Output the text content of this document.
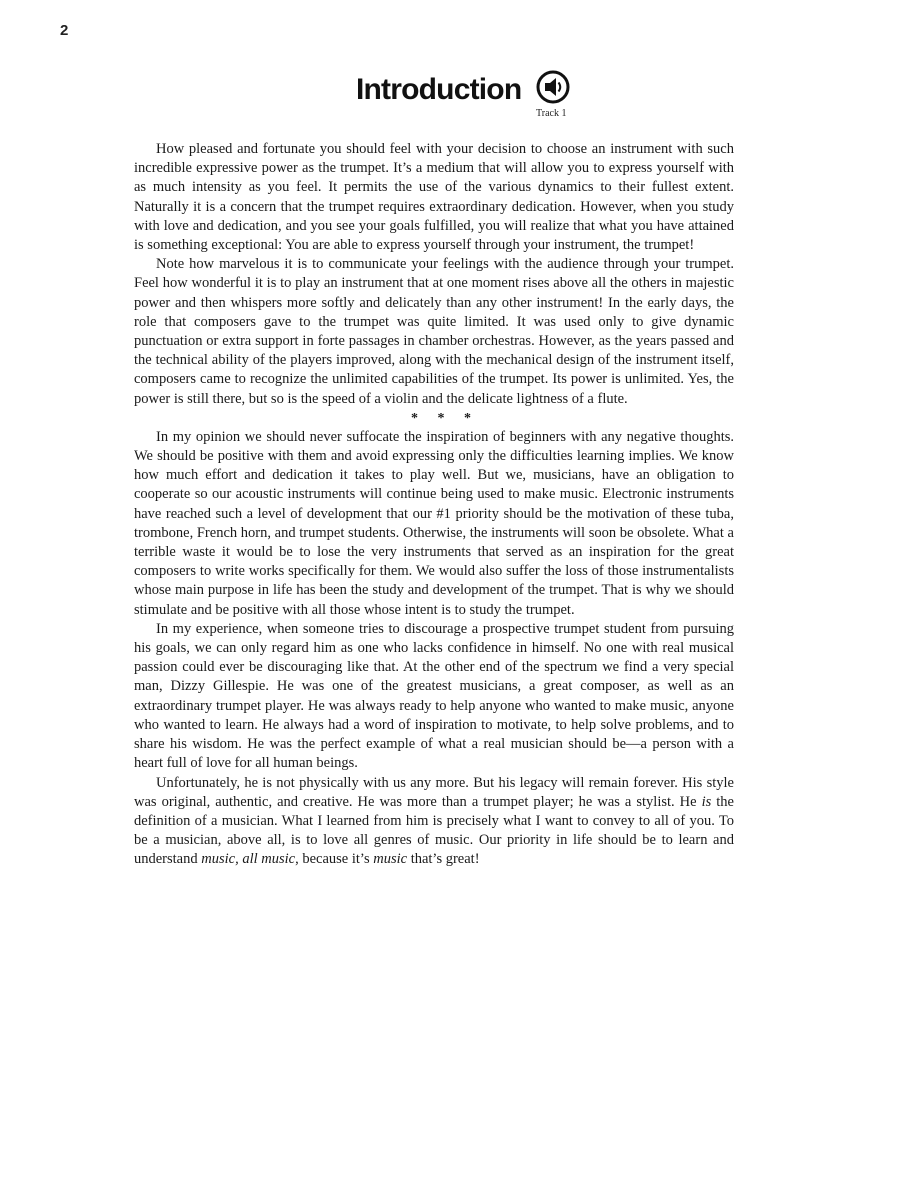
2
Introduction
Track 1

How pleased and fortunate you should feel with your decision to choose an instrument with such incredible expressive power as the trumpet. It’s a medium that will allow you to express yourself with as much intensity as you feel. It permits the use of the various dynamics to their fullest extent. Naturally it is a concern that the trumpet requires extraordinary dedication. However, when you study with love and dedication, and you see your goals fulfilled, you will realize that what you have attained is something exceptional: You are able to express yourself through your instrument, the trumpet!

Note how marvelous it is to communicate your feelings with the audience through your trumpet. Feel how wonderful it is to play an instrument that at one moment rises above all the others in majestic power and then whispers more softly and delicately than any other instrument! In the early days, the role that composers gave to the trumpet was quite limited. It was used only to give dynamic punctuation or extra support in forte passages in chamber orchestras. However, as the years passed and the technical ability of the players improved, along with the mechanical design of the instrument itself, composers came to recognize the unlimited capabilities of the trumpet. Its power is unlimited. Yes, the power is still there, but so is the speed of a violin and the delicate lightness of a flute.

* * *

In my opinion we should never suffocate the inspiration of beginners with any negative thoughts. We should be positive with them and avoid expressing only the difficulties learning implies. We know how much effort and dedication it takes to play well. But we, musicians, have an obligation to cooperate so our acoustic instruments will continue being used to make music. Electronic instruments have reached such a level of development that our #1 priority should be the motivation of these tuba, trombone, French horn, and trumpet students. Otherwise, the instruments will soon be obsolete. What a terrible waste it would be to lose the very instruments that served as an inspiration for the great composers to write works specifically for them. We would also suffer the loss of those instrumentalists whose main purpose in life has been the study and development of the trumpet. That is why we should stimulate and be positive with all those whose intent is to study the trumpet.

In my experience, when someone tries to discourage a prospective trumpet student from pursuing his goals, we can only regard him as one who lacks confidence in himself. No one with real musical passion could ever be discouraging like that. At the other end of the spectrum we find a very special man, Dizzy Gillespie. He was one of the greatest musicians, a great composer, as well as an extraordinary trumpet player. He was always ready to help anyone who wanted to make music, anyone who wanted to learn. He always had a word of inspiration to motivate, to help solve problems, and to share his wisdom. He was the perfect example of what a real musician should be—a person with a heart full of love for all human beings.

Unfortunately, he is not physically with us any more. But his legacy will remain forever. His style was original, authentic, and creative. He was more than a trumpet player; he was a stylist. He is the definition of a musician. What I learned from him is precisely what I want to convey to all of you. To be a musician, above all, is to love all genres of music. Our priority in life should be to learn and understand music, all music, because it’s music that’s great!
